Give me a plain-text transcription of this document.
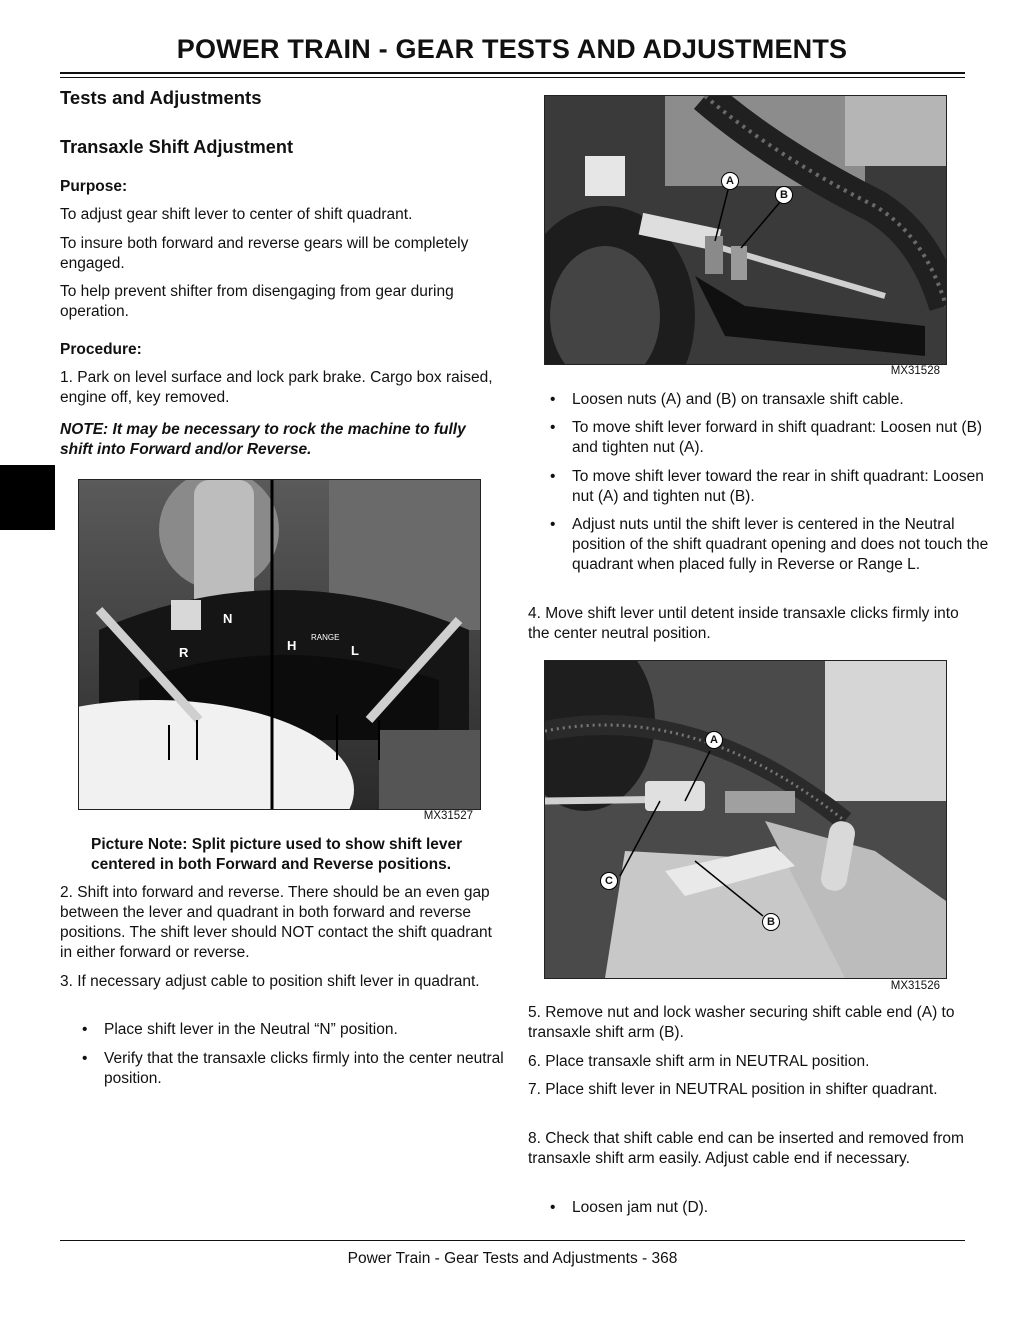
POWER TRAIN - GEAR TESTS AND ADJUSTMENTS
Tests and Adjustments
Transaxle Shift Adjustment
Purpose:

To adjust gear shift lever to center of shift quadrant.

To insure both forward and reverse gears will be completely engaged.

To help prevent shifter from disengaging from gear during operation.

Procedure:

1. Park on level surface and lock park brake. Cargo box raised, engine off, key removed.

NOTE: It may be necessary to rock the machine to fully shift into Forward and/or Reverse.

R
N
H
RANGE
L
MX31527

Picture Note: Split picture used to show shift lever centered in both Forward and Reverse positions.

2. Shift into forward and reverse. There should be an even gap between the lever and quadrant in both forward and reverse positions. The shift lever should NOT contact the shift quadrant in either forward or reverse.

3. If necessary adjust cable to position shift lever in quadrant.

• Place shift lever in the Neutral “N” position.

• Verify that the transaxle clicks firmly into the center neutral position.

A
B
MX31528

• Loosen nuts (A) and (B) on transaxle shift cable.

• To move shift lever forward in shift quadrant: Loosen nut (B) and tighten nut (A).

• To move shift lever toward the rear in shift quadrant: Loosen nut (A) and tighten nut (B).

• Adjust nuts until the shift lever is centered in the Neutral position of the shift quadrant opening and does not touch the quadrant when placed fully in Reverse or Range L.

4. Move shift lever until detent inside transaxle clicks firmly into the center neutral position.

A
C
B
MX31526

5. Remove nut and lock washer securing shift cable end (A) to transaxle shift arm (B).

6. Place transaxle shift arm in NEUTRAL position.

7. Place shift lever in NEUTRAL position in shifter quadrant.

8. Check that shift cable end can be inserted and removed from transaxle shift arm easily. Adjust cable end if necessary.

• Loosen jam nut (D).

Power Train - Gear Tests and Adjustments - 368
